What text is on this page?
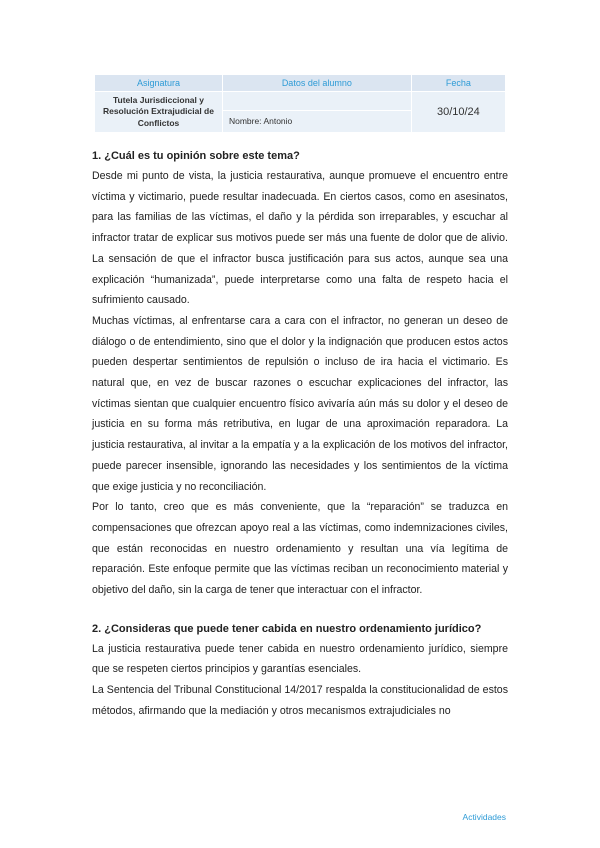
Asignatura	Datos del alumno	Fecha
Tutela Jurisdiccional y Resolución Extrajudicial de Conflictos		30/10/24
	Nombre: Antonio	

1. ¿Cuál es tu opinión sobre este tema?

Desde mi punto de vista, la justicia restaurativa, aunque promueve el encuentro entre víctima y victimario, puede resultar inadecuada. En ciertos casos, como en asesinatos, para las familias de las víctimas, el daño y la pérdida son irreparables, y escuchar al infractor tratar de explicar sus motivos puede ser más una fuente de dolor que de alivio. La sensación de que el infractor busca justificación para sus actos, aunque sea una explicación “humanizada”, puede interpretarse como una falta de respeto hacia el sufrimiento causado.

Muchas víctimas, al enfrentarse cara a cara con el infractor, no generan un deseo de diálogo o de entendimiento, sino que el dolor y la indignación que producen estos actos pueden despertar sentimientos de repulsión o incluso de ira hacia el victimario. Es natural que, en vez de buscar razones o escuchar explicaciones del infractor, las víctimas sientan que cualquier encuentro físico avivaría aún más su dolor y el deseo de justicia en su forma más retributiva, en lugar de una aproximación reparadora. La justicia restaurativa, al invitar a la empatía y a la explicación de los motivos del infractor, puede parecer insensible, ignorando las necesidades y los sentimientos de la víctima que exige justicia y no reconciliación.

Por lo tanto, creo que es más conveniente, que la “reparación” se traduzca en compensaciones que ofrezcan apoyo real a las víctimas, como indemnizaciones civiles, que están reconocidas en nuestro ordenamiento y resultan una vía legítima de reparación. Este enfoque permite que las víctimas reciban un reconocimiento material y objetivo del daño, sin la carga de tener que interactuar con el infractor.

2. ¿Consideras que puede tener cabida en nuestro ordenamiento jurídico?

La justicia restaurativa puede tener cabida en nuestro ordenamiento jurídico, siempre que se respeten ciertos principios y garantías esenciales.

La Sentencia del Tribunal Constitucional 14/2017 respalda la constitucionalidad de estos métodos, afirmando que la mediación y otros mecanismos extrajudiciales no

Actividades
